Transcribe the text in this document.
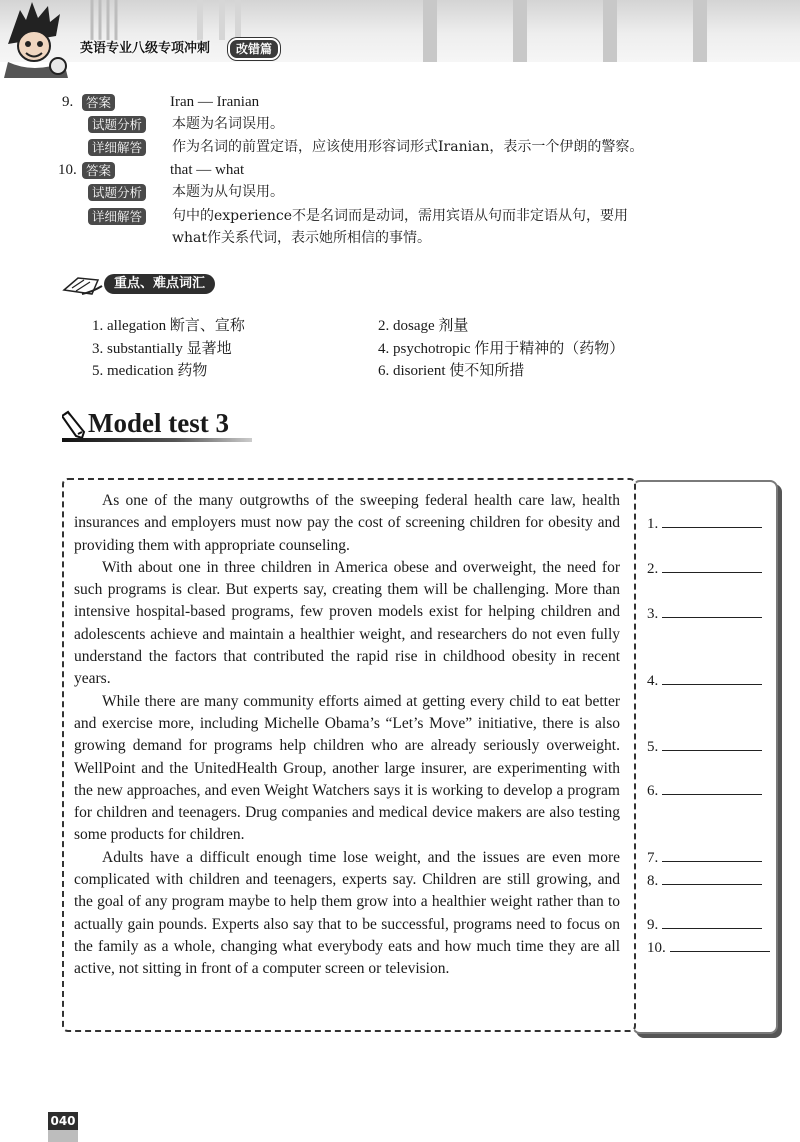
英语专业八级专项冲刺	改错篇
9.	答案	Iran — Iranian
试题分析 本题为名词误用。
详细解答 作为名词的前置定语，应该使用形容词形式Iranian，表示一个伊朗的警察。
10. 答案	that — what
试题分析 本题为从句误用。
详细解答 句中的experience不是名词而是动词，需用宾语从句而非定语从句，要用
what作关系代词，表示她所相信的事情。
重点、难点词汇
1. allegation 断言、宣称	2. dosage 剂量
3. substantially 显著地	4. psychotropic 作用于精神的（药物）
5. medication 药物	6. disorient 使不知所措
Model test 3

As one of the many outgrowths of the sweeping federal health care law, health insurances and employers must now pay the cost of screening children for obesity and providing them with appropriate counseling.

With about one in three children in America obese and overweight, the need for such programs is clear. But experts say, creating them will be challenging. More than intensive hospital-based programs, few proven models exist for helping children and adolescents achieve and maintain a healthier weight, and researchers do not even fully understand the factors that contributed the rapid rise in childhood obesity in recent years.

While there are many community efforts aimed at getting every child to eat better and exercise more, including Michelle Obama’s “Let’s Move” initiative, there is also growing demand for programs help children who are already seriously overweight. WellPoint and the UnitedHealth Group, another large insurer, are experimenting with the new approaches, and even Weight Watchers says it is working to develop a program for children and teenagers. Drug companies and medical device makers are also testing some products for children.

Adults have a difficult enough time lose weight, and the issues are even more complicated with children and teenagers, experts say. Children are still growing, and the goal of any program maybe to help them grow into a healthier weight rather than to actually gain pounds. Experts also say that to be successful, programs need to focus on the family as a whole, changing what everybody eats and how much time they are all active, not sitting in front of a computer screen or television.

1.
2.
3.
4.
5.
6.
7.
8.
9.
10.
040
